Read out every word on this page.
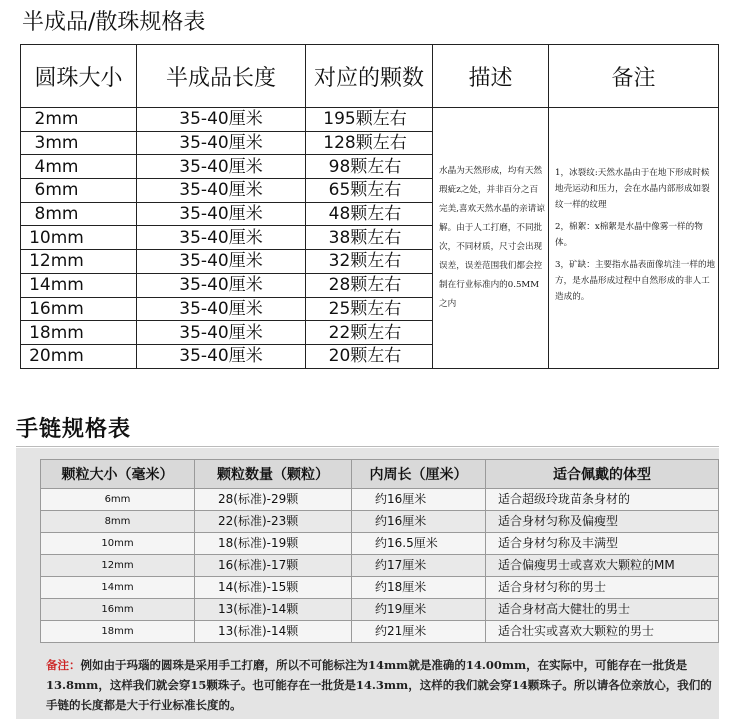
半成品/散珠规格表
圆珠大小	半成品长度	对应的颗数	描述	备注
2mm	35-40厘米	195颗左右	水晶为天然形成，均有天然瑕疵z之处，并非百分之百完美,喜欢天然水晶的亲请谅解。由于人工打磨，不同批次，不同材质，尺寸会出现误差，误差范围我们都会控制在行业标准内的0.5MM之内	1，冰裂纹:天然水晶由于在地下形成时候地壳运动和压力，会在水晶内部形成如裂纹一样的纹理

2，棉絮：x棉絮是水晶中像雾一样的物体。

3，矿缺：主要指水晶表面像坑洼一样的地方，是水晶形成过程中自然形成的非人工造成的。

3mm	35-40厘米	128颗左右		
4mm	35-40厘米	98颗左右		
6mm	35-40厘米	65颗左右		
8mm	35-40厘米	48颗左右		
10mm	35-40厘米	38颗左右		
12mm	35-40厘米	32颗左右		
14mm	35-40厘米	28颗左右		
16mm	35-40厘米	25颗左右		
18mm	35-40厘米	22颗左右		
20mm	35-40厘米	20颗左右		
手链规格表
颗粒大小（毫米）	颗粒数量（颗粒）	内周长（厘米）	适合佩戴的体型
6mm	28(标准)-29颗	约16厘米	适合超级玲珑苗条身材的
8mm	22(标准)-23颗	约16厘米	适合身材匀称及偏瘦型
10mm	18(标准)-19颗	约16.5厘米	适合身材匀称及丰满型
12mm	16(标准)-17颗	约17厘米	适合偏瘦男士或喜欢大颗粒的MM
14mm	14(标准)-15颗	约18厘米	适合身材匀称的男士
16mm	13(标准)-14颗	约19厘米	适合身材高大健壮的男士
18mm	13(标准)-14颗	约21厘米	适合壮实或喜欢大颗粒的男士
备注：例如由于玛瑙的圆珠是采用手工打磨，所以不可能标注为14mm就是准确的14.00mm，在实际中，可能存在一批货是13.8mm，这样我们就会穿15颗珠子。也可能存在一批货是14.3mm，这样的我们就会穿14颗珠子。所以请各位亲放心，我们的手链的长度都是大于行业标准长度的。
